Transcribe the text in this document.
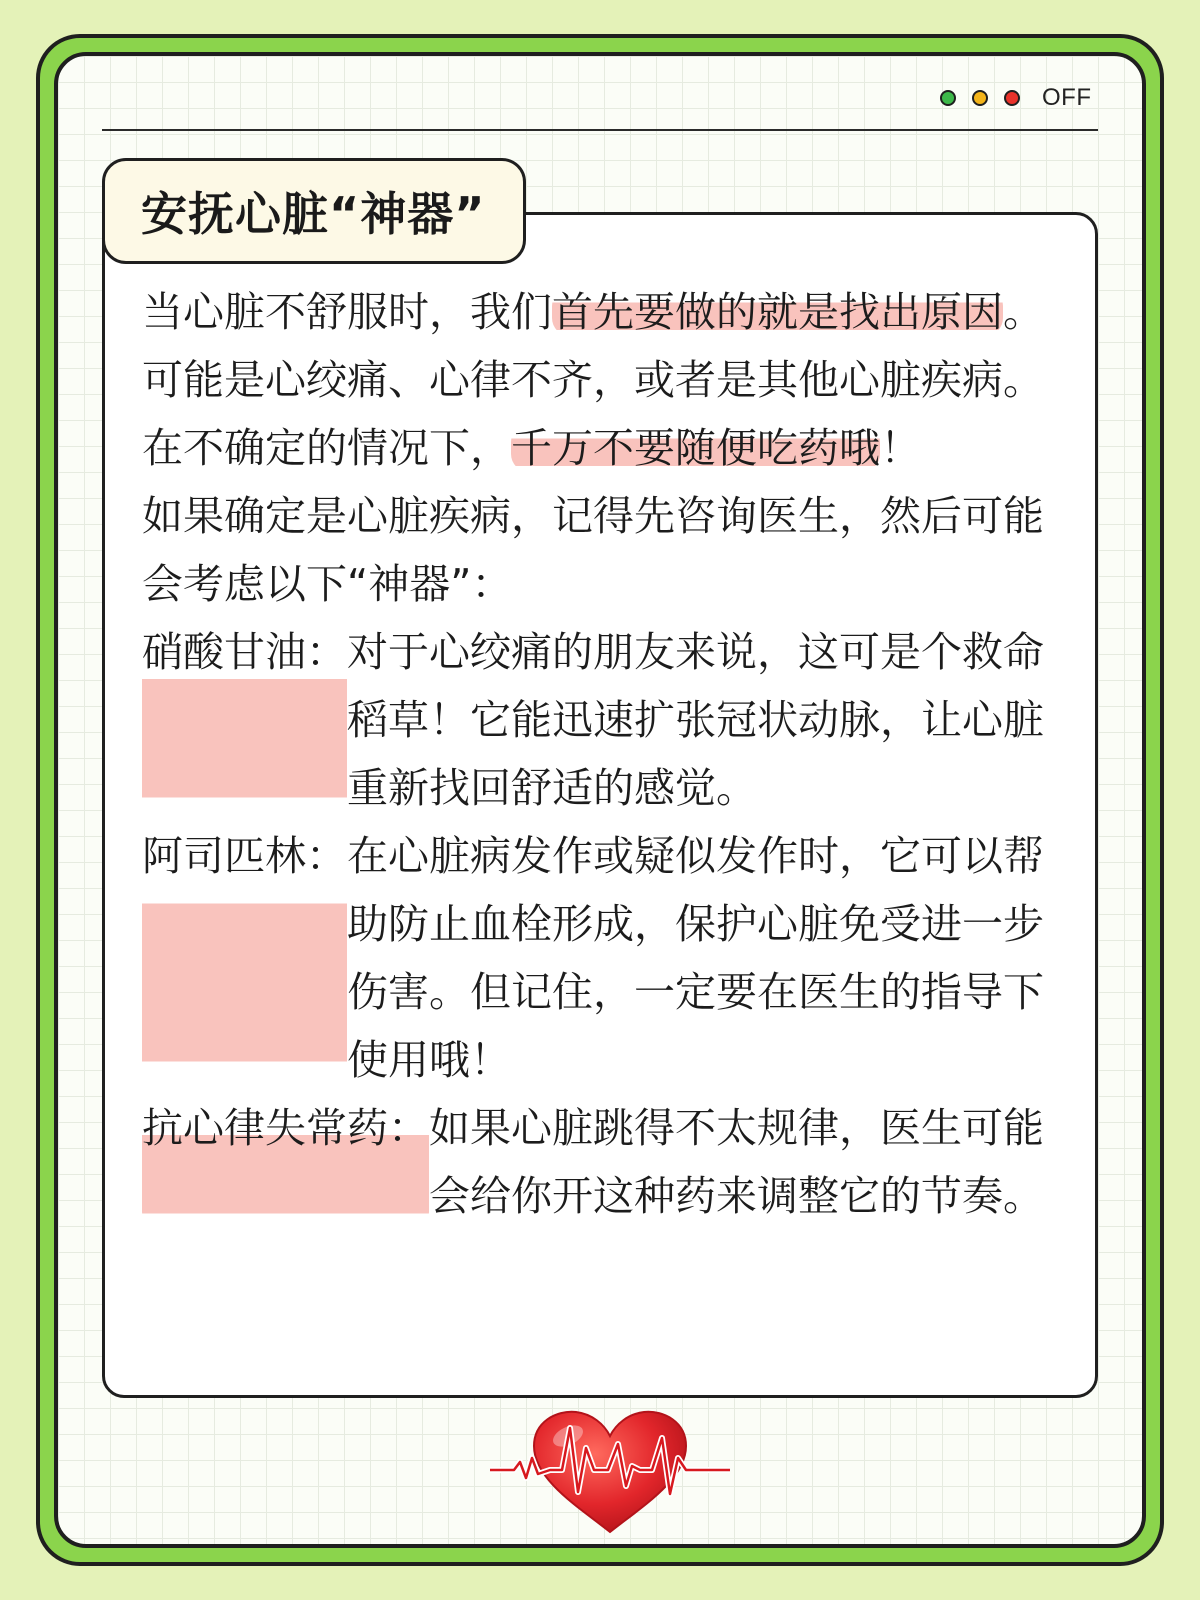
OFF
安抚心脏“神器”

当心脏不舒服时，我们首先要做的就是找出原因。可能是心绞痛、心律不齐，或者是其他心脏疾病。在不确定的情况下，千万不要随便吃药哦！

如果确定是心脏疾病，记得先咨询医生，然后可能会考虑以下“神器”：

硝酸甘油： 对于心绞痛的朋友来说，这可是个救命稻草！它能迅速扩张冠状动脉，让心脏重新找回舒适的感觉。
阿司匹林： 在心脏病发作或疑似发作时，它可以帮助防止血栓形成，保护心脏免受进一步伤害。但记住，一定要在医生的指导下使用哦！
抗心律失常药： 如果心脏跳得不太规律，医生可能会给你开这种药来调整它的节奏。
